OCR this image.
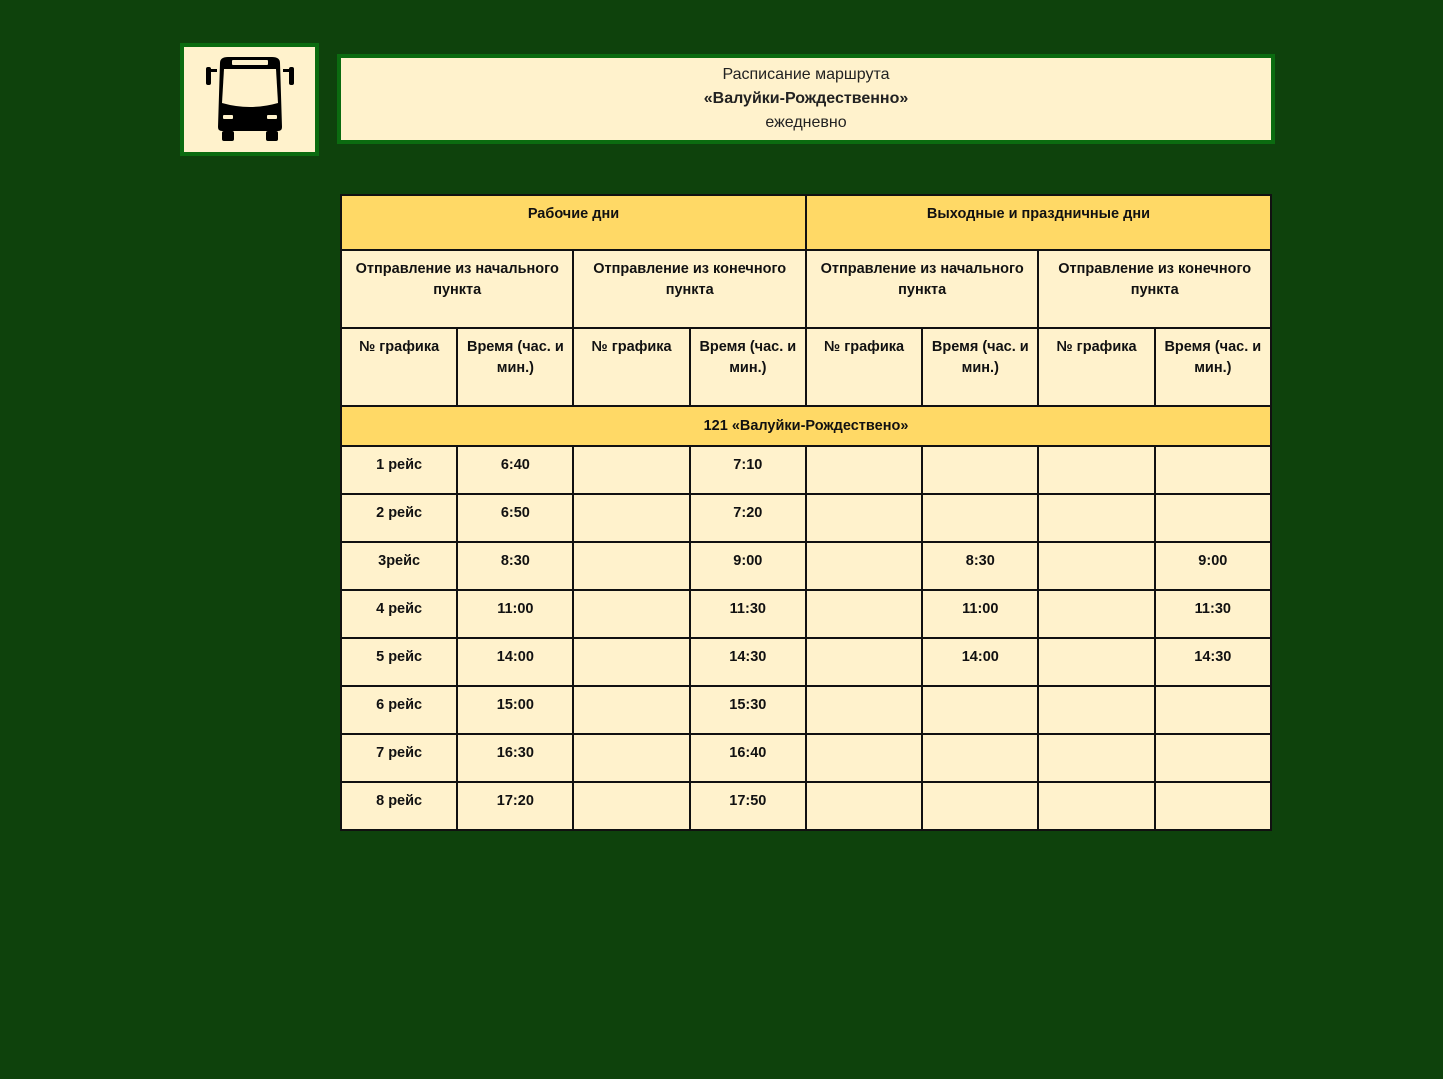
Расписание маршрута
«Валуйки-Рождественно»
ежедневно
Рабочие дни				Выходные и праздничные дни			
Отправление из начального пункта		Отправление из конечного пункта		Отправление из начального пункта		Отправление из конечного пункта	
№ графика	Время (час. и мин.)	№ графика	Время (час. и мин.)	№ графика	Время (час. и мин.)	№ графика	Время (час. и мин.)
121 «Валуйки-Рождествено»							
1 рейс	6:40		7:10				
2 рейс	6:50		7:20				
3рейс	8:30		9:00		8:30		9:00
4 рейс	11:00		11:30		11:00		11:30
5 рейс	14:00		14:30		14:00		14:30
6 рейс	15:00		15:30				
7 рейс	16:30		16:40				
8 рейс	17:20		17:50				
